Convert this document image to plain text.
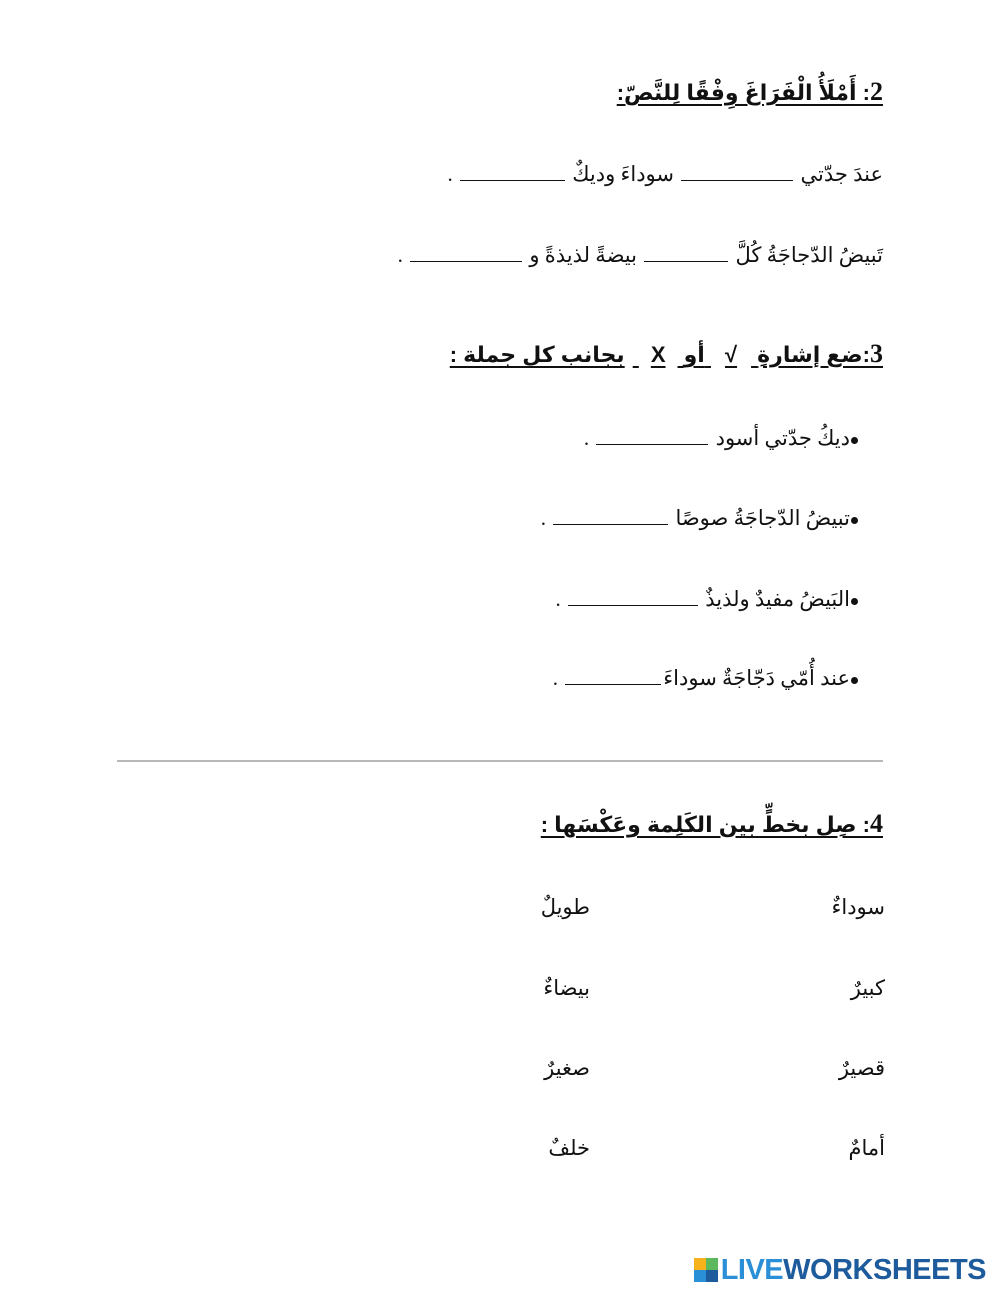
2: أَمْلَأُ الْفَرَاغَ وِفْقًا لِلنَّصّ:
عندَ جدّتي  سوداءَ وديكٌ  .
تَبيضُ الدّجاجَةُ كُلَّ  بيضةً لذيذةً و  .
3:ضع إشارةِ √ أو X بجانب كل جملة :
ديكُ جدّتي أسود  .
تبيضُ الدّجاجَةُ صوصًا  .
البَيضُ مفيدٌ ولذيذٌ  .
عند أُمّي دَجّاجَةٌ سوداءَ .
4: صِل بخطٍّ بين الكَلِمة وعَكْسَها :
سوداءٌ
طويلٌ
كبيرٌ
بيضاءٌ
قصيرٌ
صغيرٌ
أمامٌ
خلفٌ
LIVEWORKSHEETS
